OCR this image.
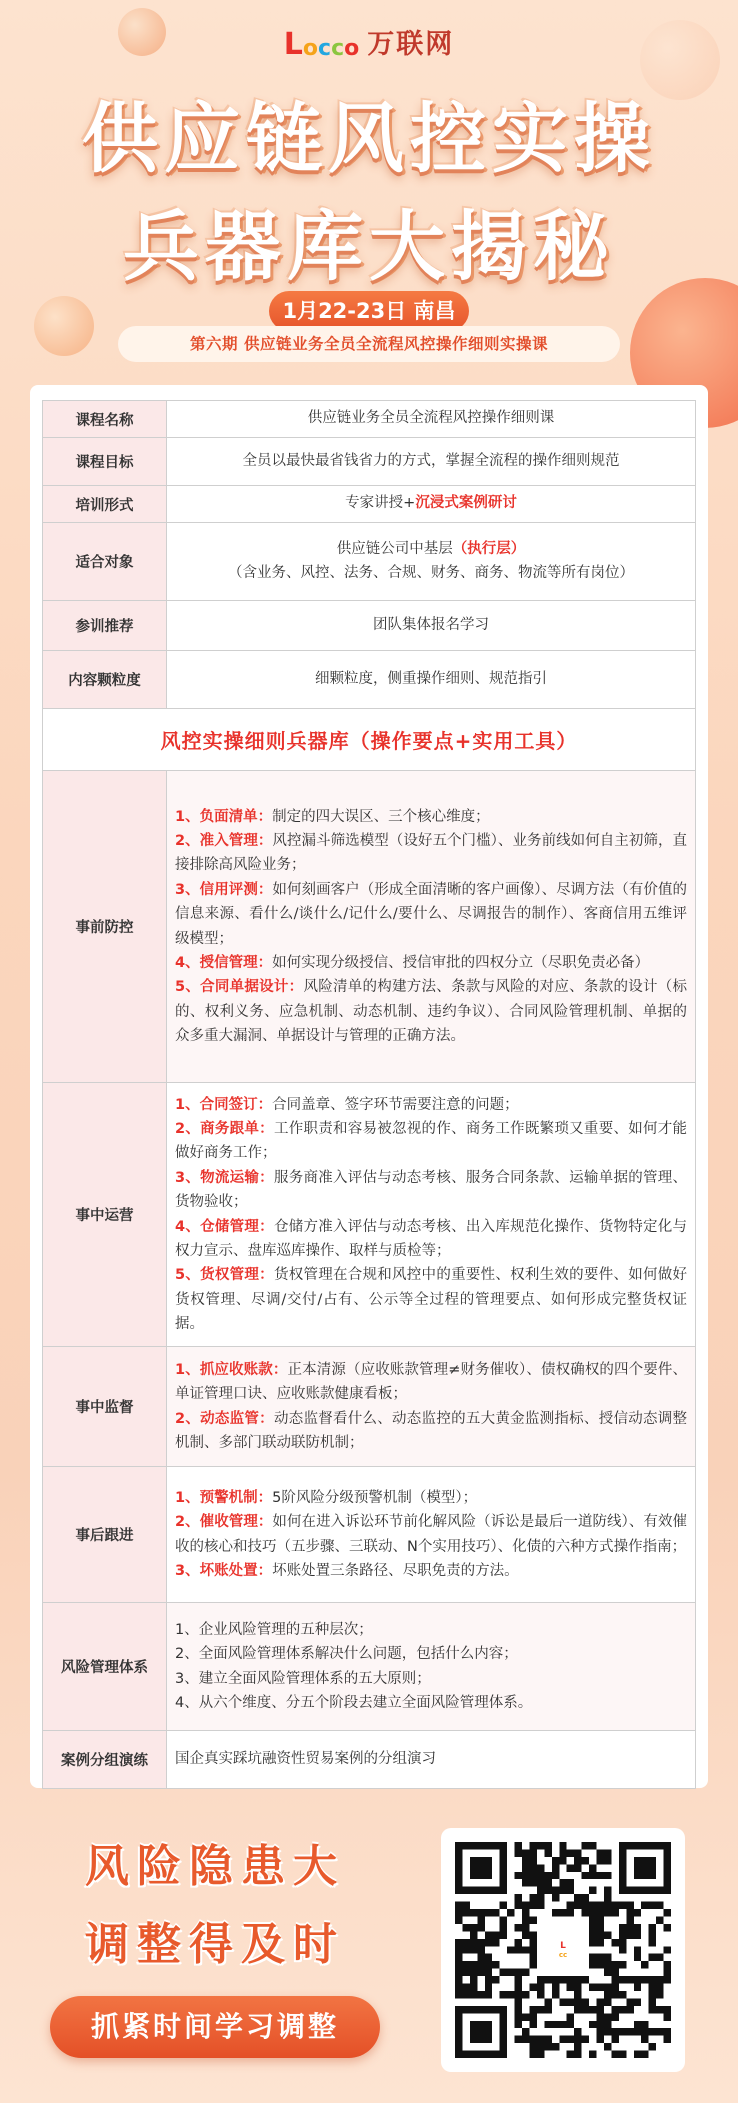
L o c c o 万联网
供应链风控实操
兵器库大揭秘
1月22-23日 南昌
第六期 供应链业务全员全流程风控操作细则实操课
课程名称	供应链业务全员全流程风控操作细则课
课程目标	全员以最快最省钱省力的方式，掌握全流程的操作细则规范
培训形式	专家讲授+沉浸式案例研讨
适合对象	供应链公司中基层（执行层）
（含业务、风控、法务、合规、财务、商务、物流等所有岗位）

参训推荐	团队集体报名学习
内容颗粒度	细颗粒度，侧重操作细则、规范指引
风控实操细则兵器库（操作要点+实用工具）	
事前防控	1、负面清单：制定的四大误区、三个核心维度；
2、准入管理：风控漏斗筛选模型（设好五个门槛）、业务前线如何自主初筛，直接排除高风险业务；
3、信用评测：如何刻画客户（形成全面清晰的客户画像）、尽调方法（有价值的信息来源、看什么/谈什么/记什么/要什么、尽调报告的制作）、客商信用五维评级模型；
4、授信管理：如何实现分级授信、授信审批的四权分立（尽职免责必备）
5、合同单据设计：风险清单的构建方法、条款与风险的对应、条款的设计（标的、权利义务、应急机制、动态机制、违约争议）、合同风险管理机制、单据的众多重大漏洞、单据设计与管理的正确方法。
事中运营	1、合同签订：合同盖章、签字环节需要注意的问题；
2、商务跟单：工作职责和容易被忽视的作、商务工作既繁琐又重要、如何才能做好商务工作；
3、物流运输：服务商准入评估与动态考核、服务合同条款、运输单据的管理、货物验收；
4、仓储管理：仓储方准入评估与动态考核、出入库规范化操作、货物特定化与权力宣示、盘库巡库操作、取样与质检等；
5、货权管理：货权管理在合规和风控中的重要性、权利生效的要件、如何做好货权管理、尽调/交付/占有、公示等全过程的管理要点、如何形成完整货权证据。
事中监督	1、抓应收账款：正本清源（应收账款管理≠财务催收）、债权确权的四个要件、单证管理口诀、应收账款健康看板；
2、动态监管：动态监督看什么、动态监控的五大黄金监测指标、授信动态调整机制、多部门联动联防机制；
事后跟进	1、预警机制：5阶风险分级预警机制（模型）；
2、催收管理：如何在进入诉讼环节前化解风险（诉讼是最后一道防线）、有效催收的核心和技巧（五步骤、三联动、N个实用技巧）、化债的六种方式操作指南；
3、坏账处置：坏账处置三条路径、尽职免责的方法。
风险管理体系	1、企业风险管理的五种层次；
2、全面风险管理体系解决什么问题，包括什么内容；
3、建立全面风险管理体系的五大原则；
4、从六个维度、分五个阶段去建立全面风险管理体系。
案例分组演练	国企真实踩坑融资性贸易案例的分组演习
风险隐患大
调整得及时
抓紧时间学习调整
L
cc
